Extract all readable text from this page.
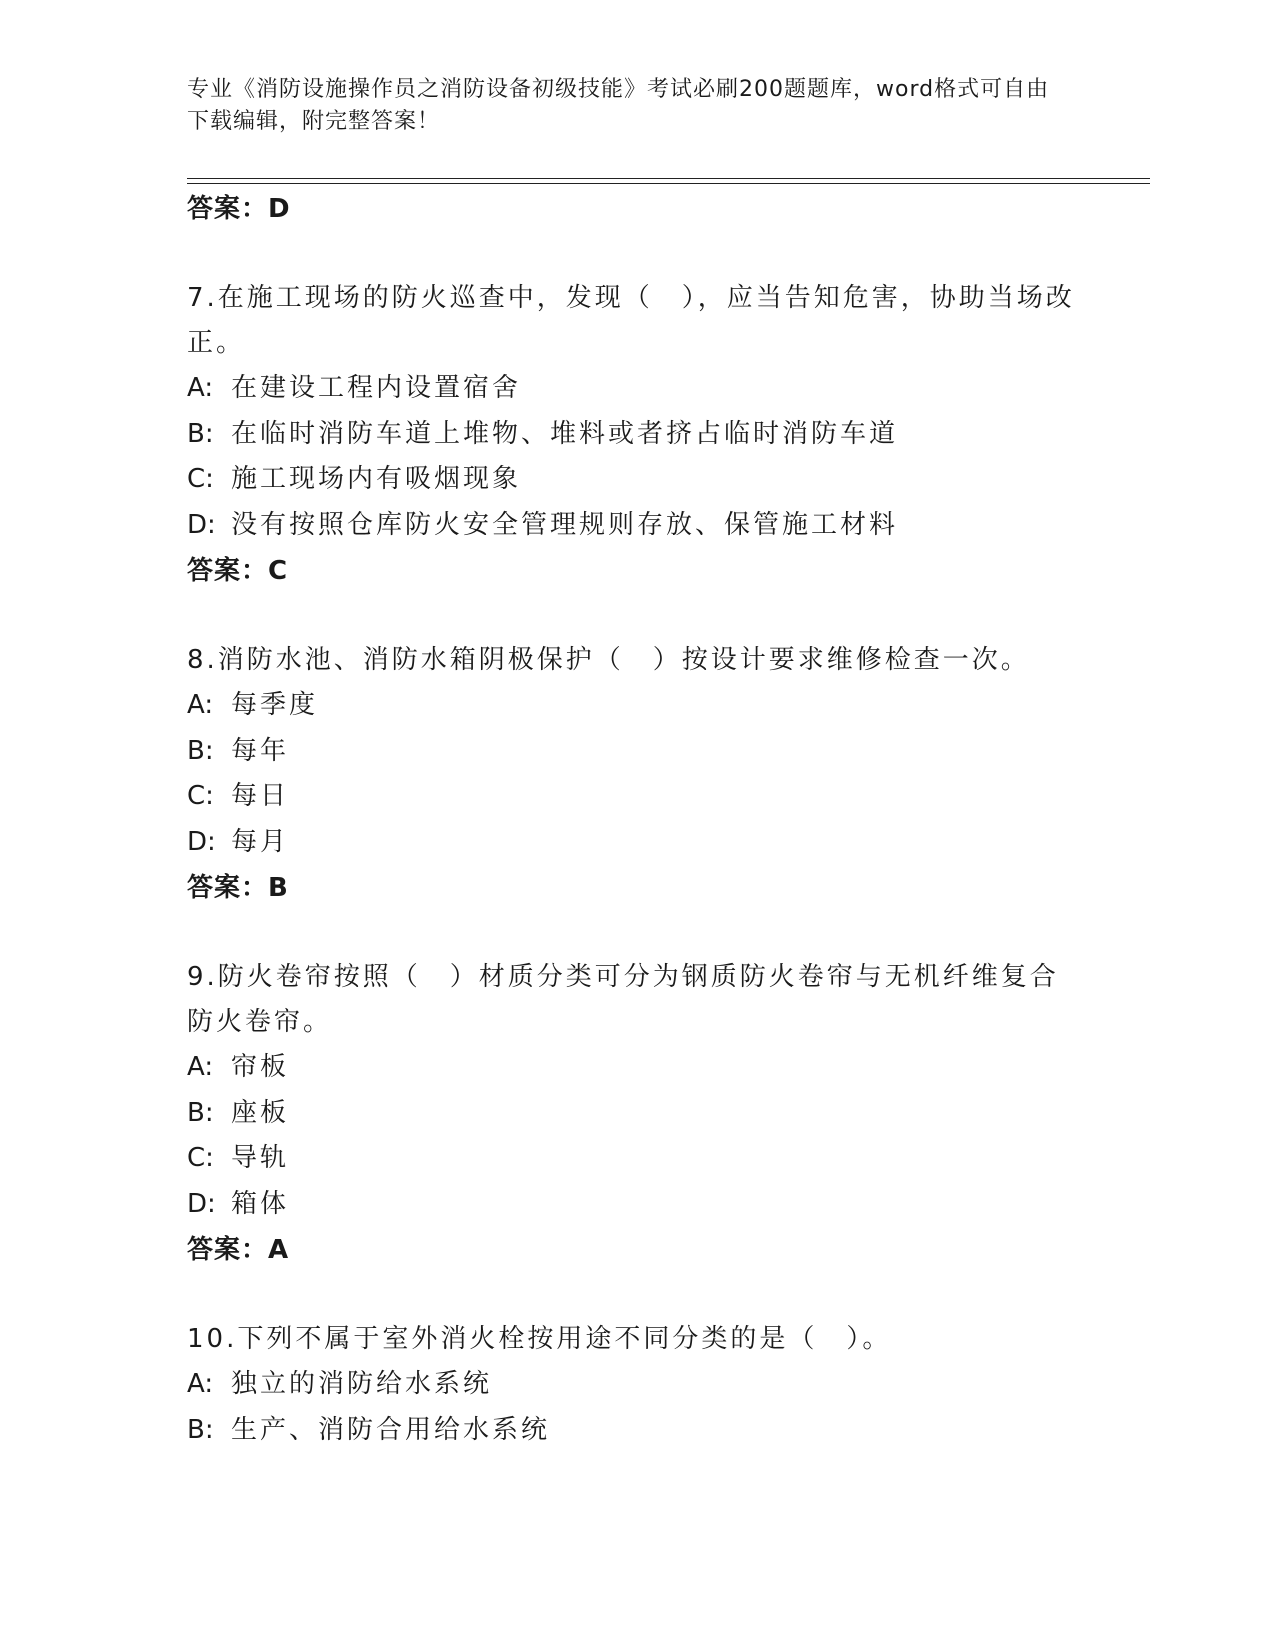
专业《消防设施操作员之消防设备初级技能》考试必刷200题题库，word格式可自由下载编辑，附完整答案！
答案：D
7.在施工现场的防火巡查中，发现（　），应当告知危害，协助当场改正。
A: 在建设工程内设置宿舍
B: 在临时消防车道上堆物、堆料或者挤占临时消防车道
C: 施工现场内有吸烟现象
D: 没有按照仓库防火安全管理规则存放、保管施工材料
答案：C
8.消防水池、消防水箱阴极保护（　）按设计要求维修检查一次。
A: 每季度
B: 每年
C: 每日
D: 每月
答案：B
9.防火卷帘按照（　）材质分类可分为钢质防火卷帘与无机纤维复合防火卷帘。
A: 帘板
B: 座板
C: 导轨
D: 箱体
答案：A
10.下列不属于室外消火栓按用途不同分类的是（　）。
A: 独立的消防给水系统
B: 生产、消防合用给水系统
